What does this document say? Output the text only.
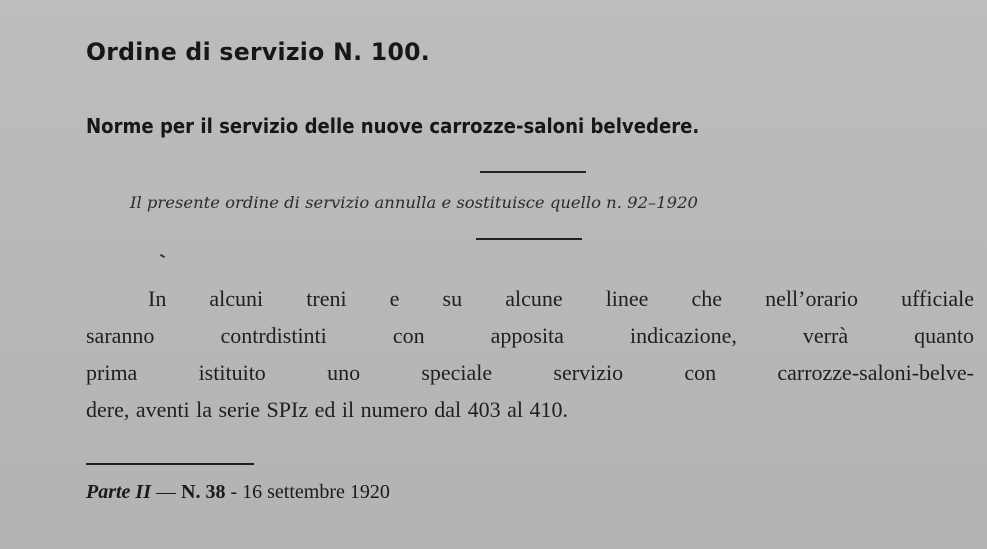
Ordine di servizio N. 100.
Norme per il servizio delle nuove carrozze-saloni belvedere.
Il presente ordine di servizio annulla e sostituisce quello n. 92–1920
In alcuni treni e su alcune linee che nell’orario ufficiale
saranno contrdistinti con apposita indicazione, verrà quanto
prima istituito uno speciale servizio con carrozze-saloni-belve-
dere, aventi la serie SPIz ed il numero dal 403 al 410.
Parte II — N. 38 - 16 settembre 1920
